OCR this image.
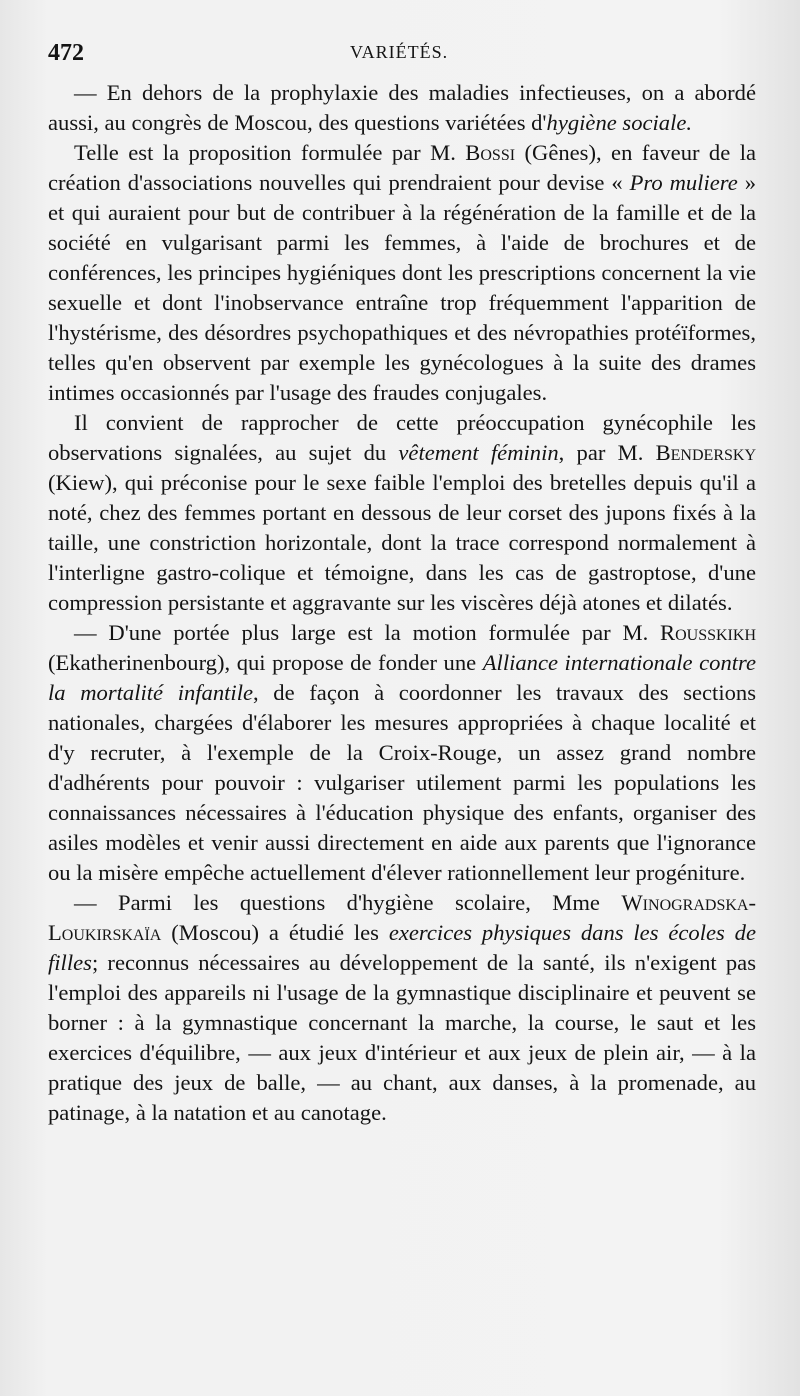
472	VARIÉTÉS.

— En dehors de la prophylaxie des maladies infectieuses, on a abordé aussi, au congrès de Moscou, des questions variétées d'hygiène sociale.

Telle est la proposition formulée par M. Bossi (Gênes), en faveur de la création d'associations nouvelles qui prendraient pour devise « Pro muliere » et qui auraient pour but de contribuer à la régénération de la famille et de la société en vulgarisant parmi les femmes, à l'aide de brochures et de conférences, les principes hygiéniques dont les prescriptions concernent la vie sexuelle et dont l'inobservance entraîne trop fréquemment l'apparition de l'hystérisme, des désordres psychopathiques et des névropathies protéïformes, telles qu'en observent par exemple les gynécologues à la suite des drames intimes occasionnés par l'usage des fraudes conjugales.

Il convient de rapprocher de cette préoccupation gynécophile les observations signalées, au sujet du vêtement féminin, par M. Bendersky (Kiew), qui préconise pour le sexe faible l'emploi des bretelles depuis qu'il a noté, chez des femmes portant en dessous de leur corset des jupons fixés à la taille, une constriction horizontale, dont la trace correspond normalement à l'interligne gastro-colique et témoigne, dans les cas de gastroptose, d'une compression persistante et aggravante sur les viscères déjà atones et dilatés.

— D'une portée plus large est la motion formulée par M. Rousskikh (Ekatherinenbourg), qui propose de fonder une Alliance internationale contre la mortalité infantile, de façon à coordonner les travaux des sections nationales, chargées d'élaborer les mesures appropriées à chaque localité et d'y recruter, à l'exemple de la Croix-Rouge, un assez grand nombre d'adhérents pour pouvoir : vulgariser utilement parmi les populations les connaissances nécessaires à l'éducation physique des enfants, organiser des asiles modèles et venir aussi directement en aide aux parents que l'ignorance ou la misère empêche actuellement d'élever rationnellement leur progéniture.

— Parmi les questions d'hygiène scolaire, Mme Winogradska-Loukirskaïa (Moscou) a étudié les exercices physiques dans les écoles de filles; reconnus nécessaires au développement de la santé, ils n'exigent pas l'emploi des appareils ni l'usage de la gymnastique disciplinaire et peuvent se borner : à la gymnastique concernant la marche, la course, le saut et les exercices d'équilibre, — aux jeux d'intérieur et aux jeux de plein air, — à la pratique des jeux de balle, — au chant, aux danses, à la promenade, au patinage, à la natation et au canotage.
